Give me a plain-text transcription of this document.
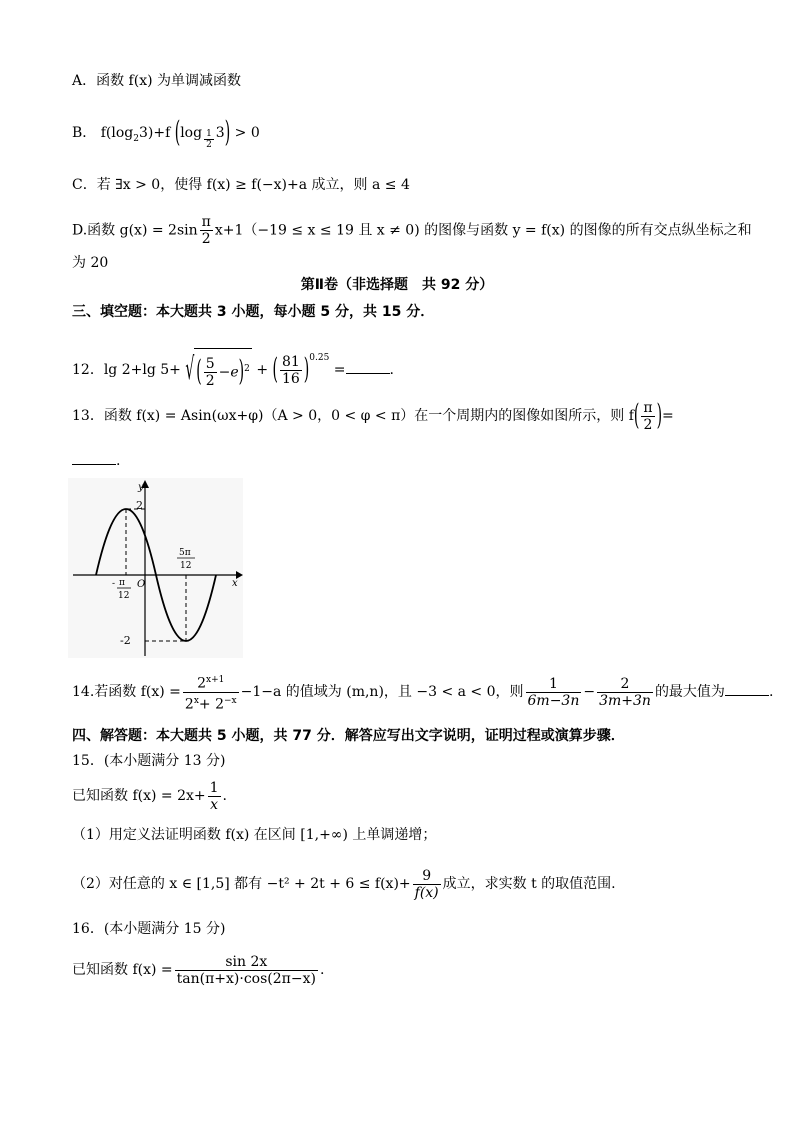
A．函数 f(x) 为单调减函数
B． $f(\log_23)+f$ $(\log \frac{1}{2} 3) > 0$
C．若 ∃x > 0，使得 f(x) ≥ f(−x)+a 成立，则 a ≤ 4
D.函数 $g(x) = 2\sin \frac{\pi}{2} x+1(-19 \le x \le 19$ 且 x ≠ 0) 的图像与函数 y = f(x) 的图像的所有交点纵坐标之和
为 20
第Ⅱ卷（非选择题　共 92 分）
三、填空题：本大题共 3 小题，每小题 5 分，共 15 分．
12．lg 2+lg 5+ √ ( $\frac{5}{2} -e)^2$ + ( $\frac{81}{16} )^{0.25}$ =	.
13．函数 f(x) = Asin(ωx+φ)（A > 0，0 < φ < π）在一个周期内的图像如图所示，则 $f( \frac{\pi}{2}$ )=
.
y
x
2
-2
O
- π
12
5π
12
14.若函数 $f(x) = \frac{2^{x+1}}{2^x+ 2^{-x}} -1-a$ 的值域为 (m,n)，且 −3 < a < 0，则 $\frac{1}{6m-3n} - \frac{2}{3m+3n}$ 的最大值为	.
四、解答题：本大题共 5 小题，共 77 分．解答应写出文字说明，证明过程或演算步骤．
15．(本小题满分 13 分)
已知函数 $f(x) = 2x+ \frac{1}{x}$ .
（1）用定义法证明函数 f(x) 在区间 [1,+∞) 上单调递增；
（2）对任意的 x ∈ [1,5] 都有 $-t^2 + 2t + 6 \le f(x)+ \frac{9}{f(x)}$ 成立，求实数 t 的取值范围.
16．(本小题满分 15 分)
已知函数 $f(x) = \frac{\sin 2x}{\tan(\pi+x)\cdot\cos(2\pi-x)}$ .
